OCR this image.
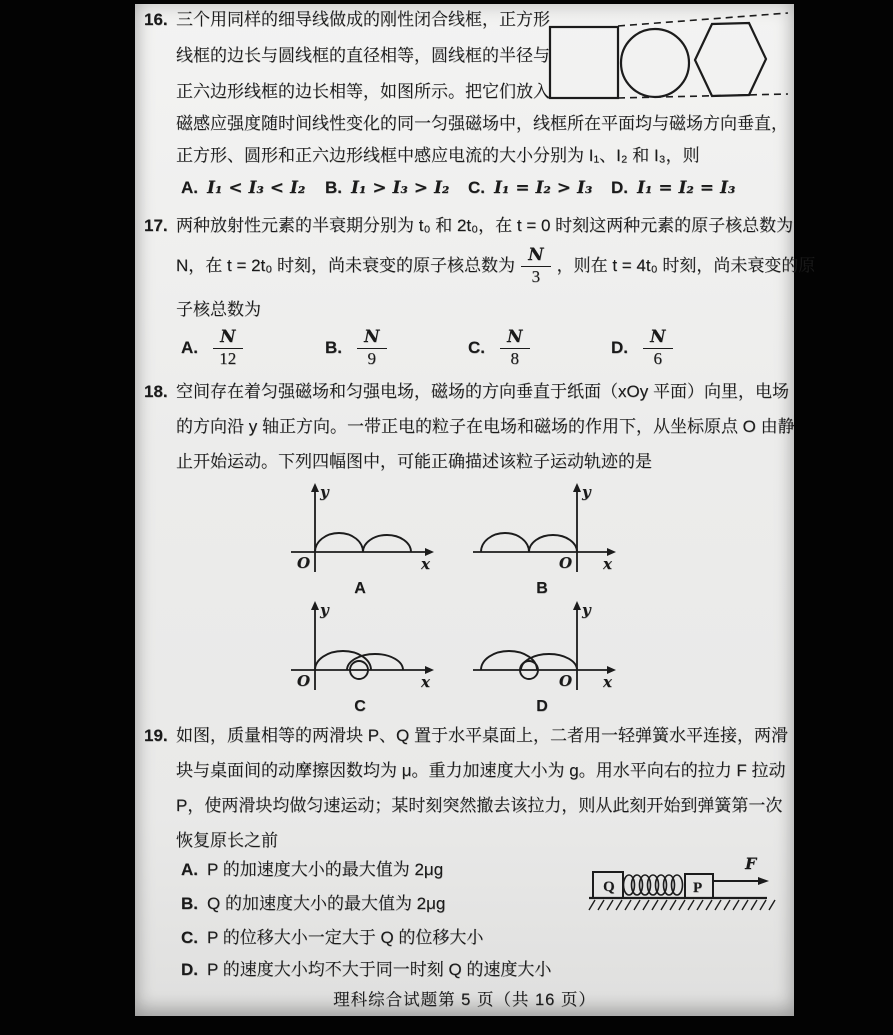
16. 三个用同样的细导线做成的刚性闭合线框，正方形
线框的边长与圆线框的直径相等，圆线框的半径与
正六边形线框的边长相等，如图所示。把它们放入
磁感应强度随时间线性变化的同一匀强磁场中，线框所在平面均与磁场方向垂直，
正方形、圆形和正六边形线框中感应电流的大小分别为 I₁、I₂ 和 I₃，则
A. I₁ < I₃ < I₂ B. I₁ > I₃ > I₂ C. I₁ = I₂ > I₃ D. I₁ = I₂ = I₃
17. 两种放射性元素的半衰期分别为 t₀ 和 2t₀，在 t = 0 时刻这两种元素的原子核总数为
N，在 t = 2t₀ 时刻，尚未衰变的原子核总数为 $\frac{N}{3}$ ，则在 t = 4t₀ 时刻，尚未衰变的原
子核总数为
A. $\frac{N}{12}$	B. $\frac{N}{9}$	C. $\frac{N}{8}$	D. $\frac{N}{6}$
18. 空间存在着匀强磁场和匀强电场，磁场的方向垂直于纸面（xOy 平面）向里，电场
的方向沿 y 轴正方向。一带正电的粒子在电场和磁场的作用下，从坐标原点 O 由静
止开始运动。下列四幅图中，可能正确描述该粒子运动轨迹的是
y
x
O
A
y
x
O
B
y
x
O
C
y
x
O
D
19. 如图，质量相等的两滑块 P、Q 置于水平桌面上，二者用一轻弹簧水平连接，两滑
块与桌面间的动摩擦因数均为 μ。重力加速度大小为 g。用水平向右的拉力 F 拉动
P，使两滑块均做匀速运动；某时刻突然撤去该拉力，则从此刻开始到弹簧第一次
恢复原长之前
A. P 的加速度大小的最大值为 2μg
B. Q 的加速度大小的最大值为 2μg
C. P 的位移大小一定大于 Q 的位移大小
D. P 的速度大小均不大于同一时刻 Q 的速度大小
Q	P
F
理科综合试题第 5 页（共 16 页）
